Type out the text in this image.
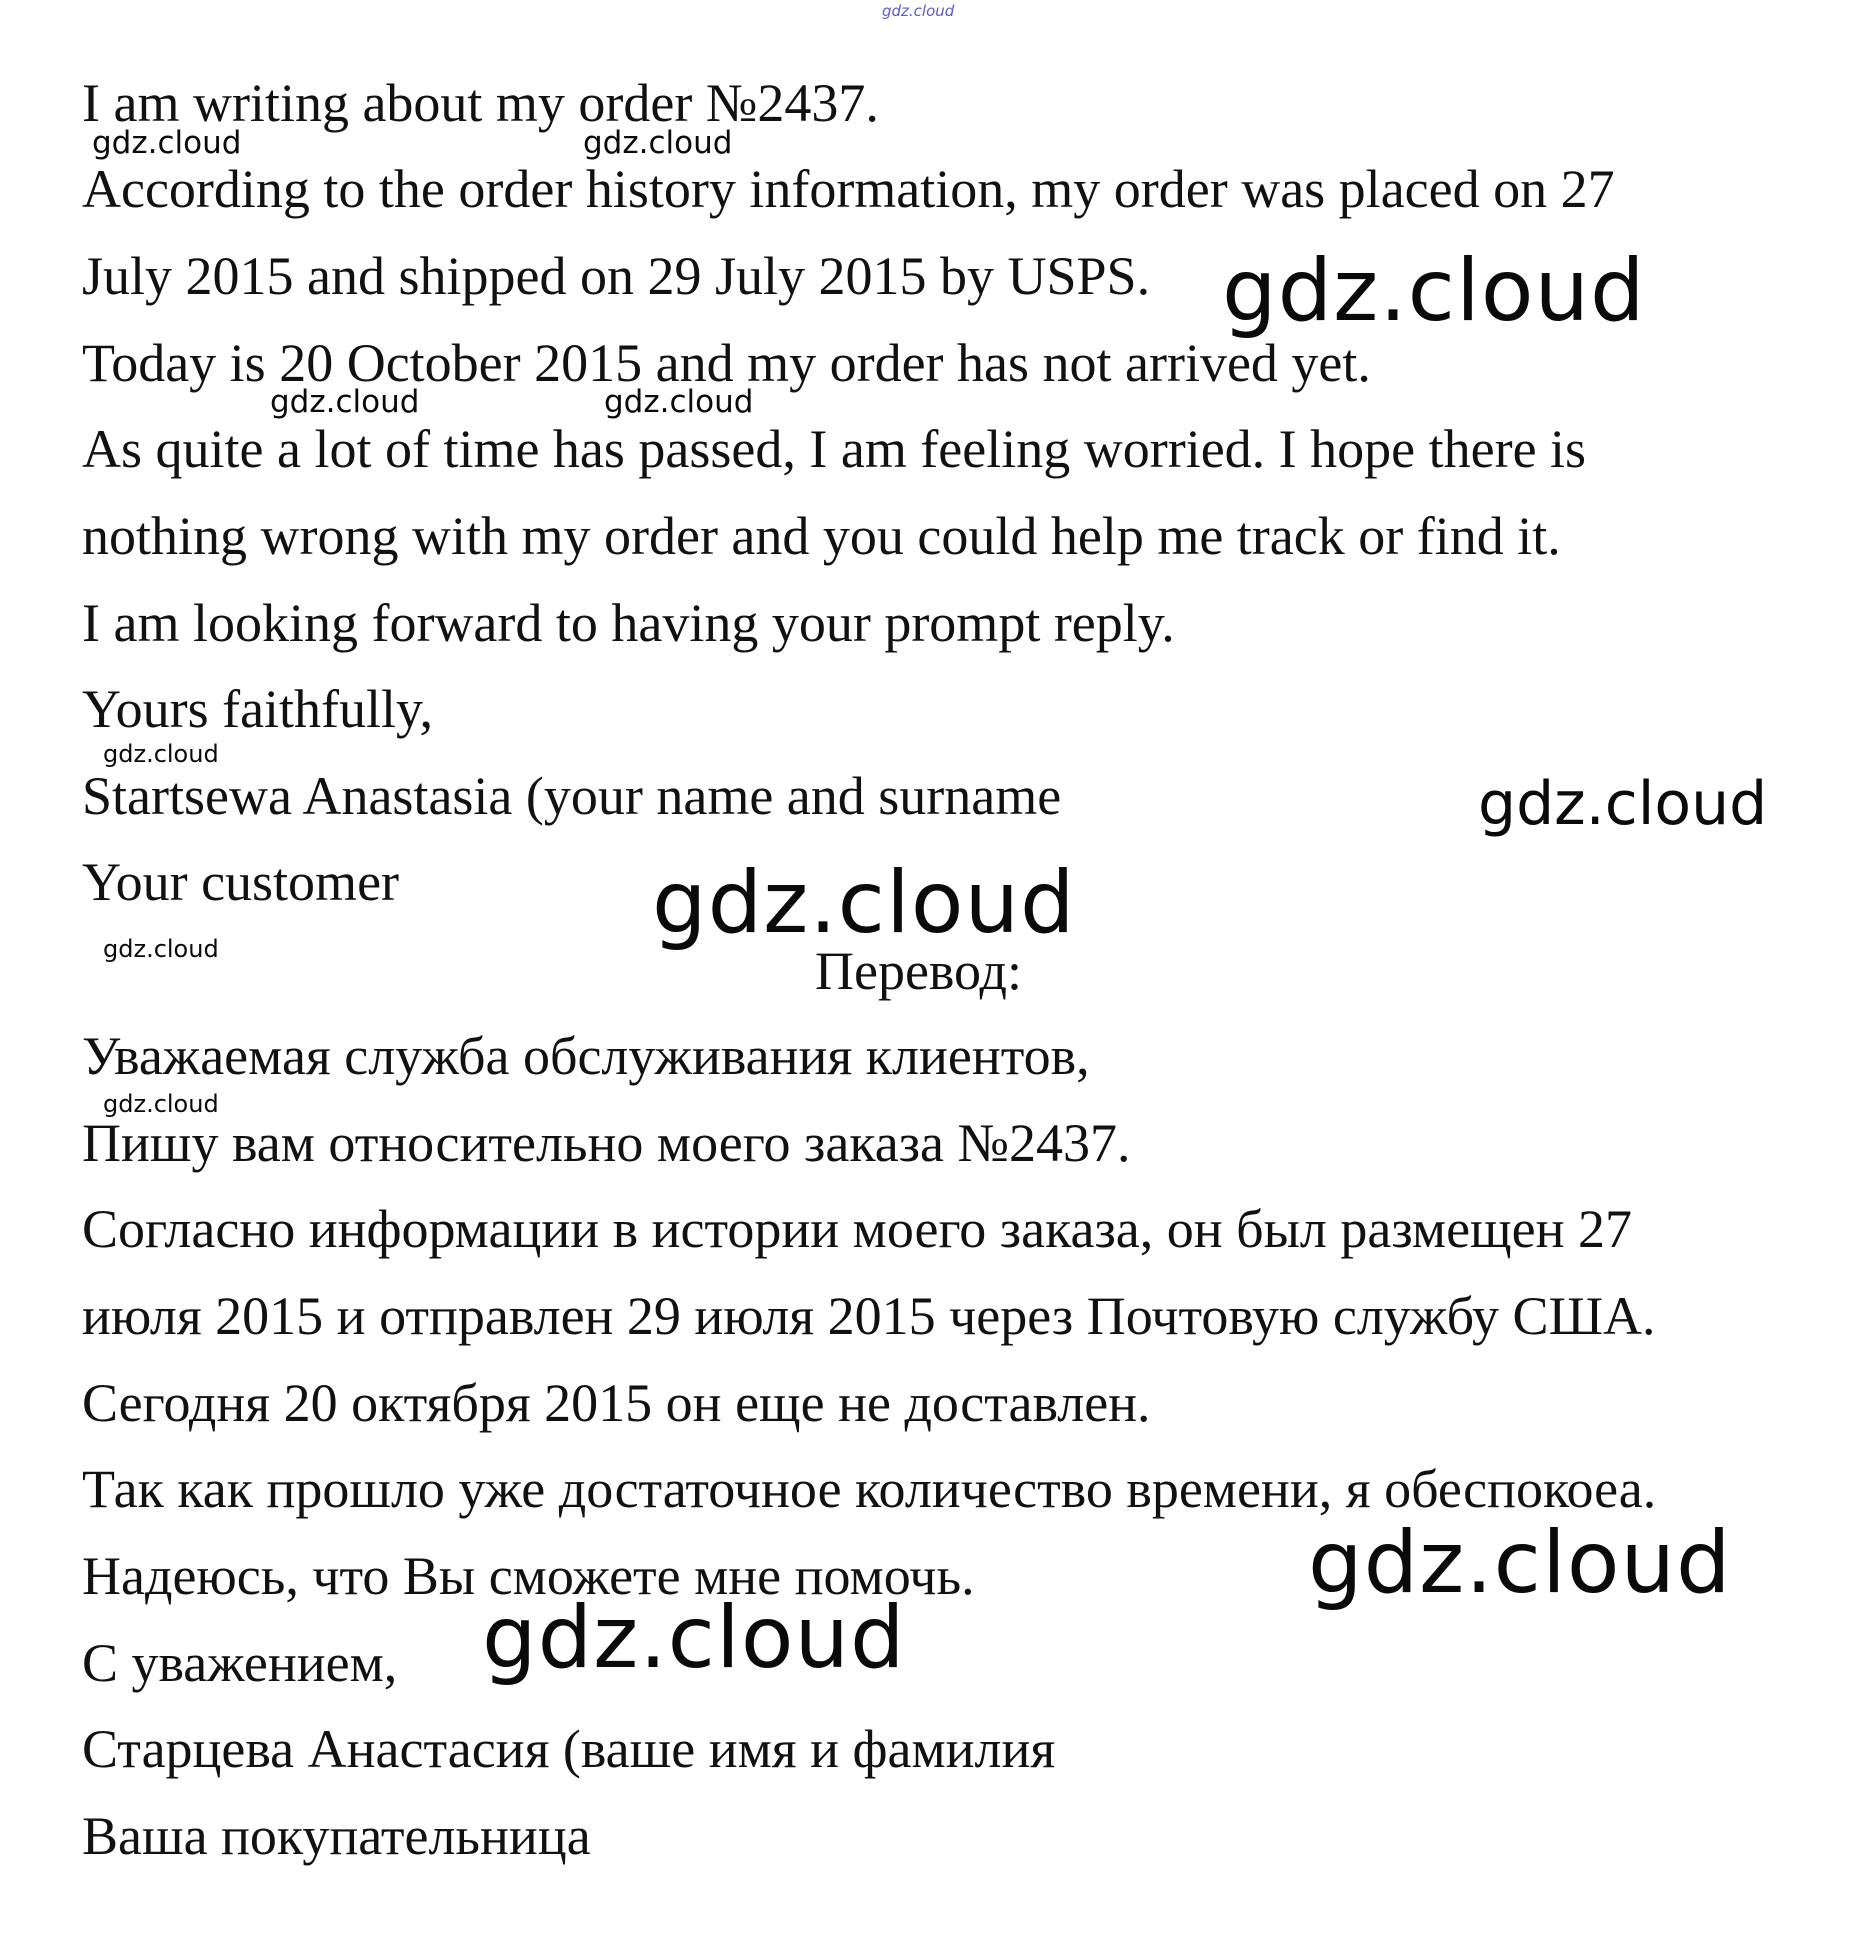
I am writing about my order №2437.

According to the order history information, my order was placed on 27

July 2015 and shipped on 29 July 2015 by USPS.

Today is 20 October 2015 and my order has not arrived yet.

As quite a lot of time has passed, I am feeling worried. I hope there is

nothing wrong with my order and you could help me track or find it.

I am looking forward to having your prompt reply.

Yours faithfully,

Startsewa Anastasia (your name and surname

Your customer

Перевод:

Уважаемая служба обслуживания клиентов,

Пишу вам относительно моего заказа №2437.

Согласно информации в истории моего заказа, он был размещен 27

июля 2015 и отправлен 29 июля 2015 через Почтовую службу США.

Сегодня 20 октября 2015 он еще не доставлен.

Так как прошло уже достаточное количество времени, я обеспокоеа.

Надеюсь, что Вы сможете мне помочь.

С уважением,

Старцева Анастасия (ваше имя и фамилия

Ваша покупательница

gdz.cloud
gdz.cloud	gdz.cloud
gdz.cloud
gdz.cloud	gdz.cloud
gdz.cloud
gdz.cloud
gdz.cloud
gdz.cloud
gdz.cloud
gdz.cloud
gdz.cloud
